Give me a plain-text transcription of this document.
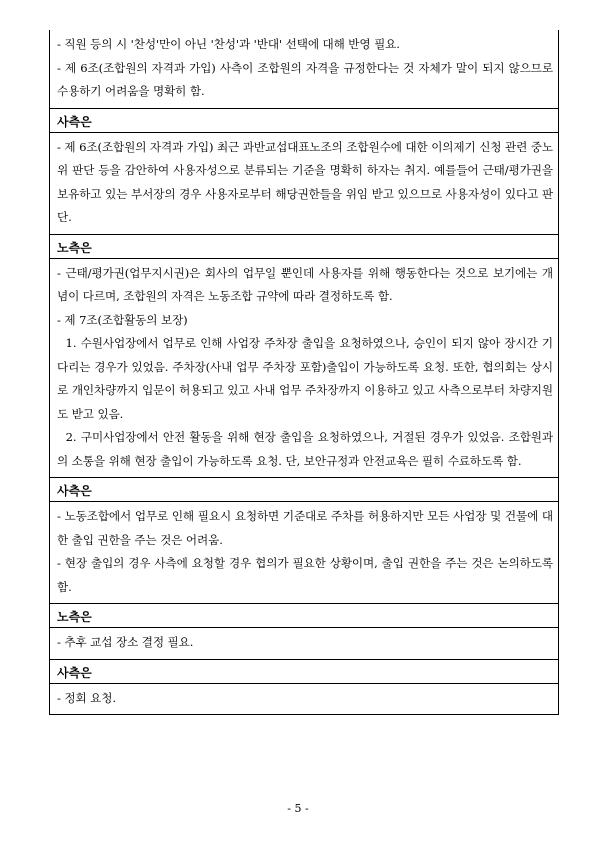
- 직원 등의 시 '찬성'만이 아닌 '찬성'과 '반대' 선택에 대해 반영 필요.

- 제 6조(조합원의 자격과 가입) 사측이 조합원의 자격을 규정한다는 것 자체가 말이 되지 않으므로 수용하기 어려움을 명확히 함.

사측은

- 제 6조(조합원의 자격과 가입) 최근 과반교섭대표노조의 조합원수에 대한 이의제기 신청 관련 중노위 판단 등을 감안하여 사용자성으로 분류되는 기준을 명확히 하자는 취지. 예를들어 근태/평가권을 보유하고 있는 부서장의 경우 사용자로부터 해당권한들을 위임 받고 있으므로 사용자성이 있다고 판단.

노측은

- 근태/평가권(업무지시권)은 회사의 업무일 뿐인데 사용자를 위해 행동한다는 것으로 보기에는 개념이 다르며, 조합원의 자격은 노동조합 규약에 따라 결정하도록 함.

- 제 7조(조합활동의 보장)

1. 수원사업장에서 업무로 인해 사업장 주차장 출입을 요청하였으나, 승인이 되지 않아 장시간 기다리는 경우가 있었음. 주차장(사내 업무 주차장 포함)출입이 가능하도록 요청. 또한, 협의회는 상시로 개인차량까지 입문이 허용되고 있고 사내 업무 주차장까지 이용하고 있고 사측으로부터 차량지원도 받고 있음.

2. 구미사업장에서 안전 활동을 위해 현장 출입을 요청하였으나, 거절된 경우가 있었음. 조합원과의 소통을 위해 현장 출입이 가능하도록 요청. 단, 보안규정과 안전교육은 필히 수료하도록 함.

사측은

- 노동조합에서 업무로 인해 필요시 요청하면 기준대로 주차를 허용하지만 모든 사업장 및 건물에 대한 출입 권한을 주는 것은 어려움.

- 현장 출입의 경우 사측에 요청할 경우 협의가 필요한 상황이며, 출입 권한을 주는 것은 논의하도록 함.

노측은

- 추후 교섭 장소 결정 필요.

사측은

- 정회 요청.

- 5 -
